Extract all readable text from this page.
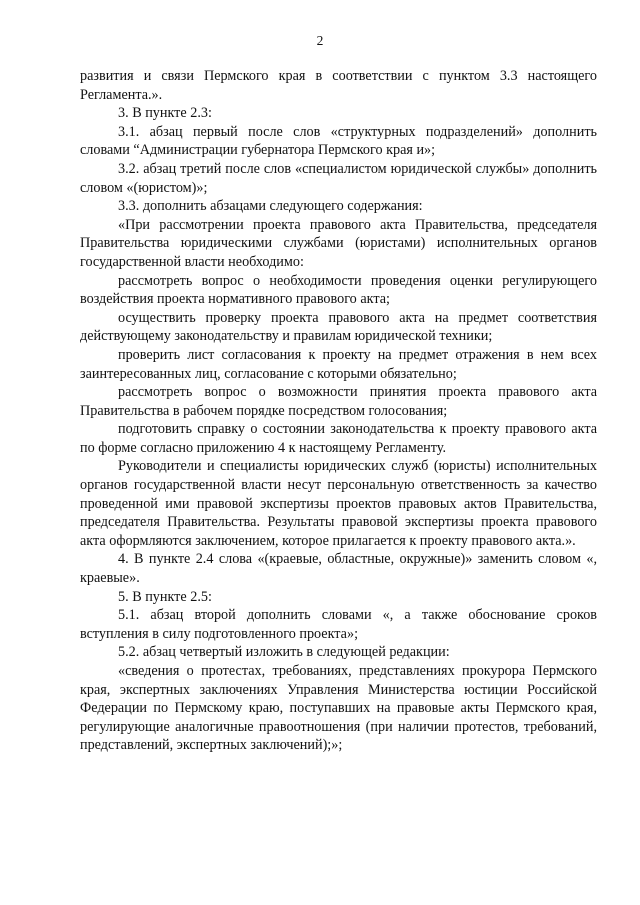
2

развития и связи Пермского края в соответствии с пунктом 3.3 настоящего Регламента.».

3. В пункте 2.3:

3.1. абзац первый после слов «структурных подразделений» дополнить словами “Администрации губернатора Пермского края и»;

3.2. абзац третий после слов «специалистом юридической службы» дополнить словом «(юристом)»;

3.3. дополнить абзацами следующего содержания:

«При рассмотрении проекта правового акта Правительства, председателя Правительства юридическими службами (юристами) исполнительных органов государственной власти необходимо:

рассмотреть вопрос о необходимости проведения оценки регулирующего воздействия проекта нормативного правового акта;

осуществить проверку проекта правового акта на предмет соответствия действующему законодательству и правилам юридической техники;

проверить лист согласования к проекту на предмет отражения в нем всех заинтересованных лиц, согласование с которыми обязательно;

рассмотреть вопрос о возможности принятия проекта правового акта Правительства в рабочем порядке посредством голосования;

подготовить справку о состоянии законодательства к проекту правового акта по форме согласно приложению 4 к настоящему Регламенту.

Руководители и специалисты юридических служб (юристы) исполнительных органов государственной власти несут персональную ответственность за качество проведенной ими правовой экспертизы проектов правовых актов Правительства, председателя Правительства. Результаты правовой экспертизы проекта правового акта оформляются заключением, которое прилагается к проекту правового акта.».

4. В пункте 2.4 слова «(краевые, областные, окружные)» заменить словом «, краевые».

5. В пункте 2.5:

5.1. абзац второй дополнить словами «, а также обоснование сроков вступления в силу подготовленного проекта»;

5.2. абзац четвертый изложить в следующей редакции:

«сведения о протестах, требованиях, представлениях прокурора Пермского края, экспертных заключениях Управления Министерства юстиции Российской Федерации по Пермскому краю, поступавших на правовые акты Пермского края, регулирующие аналогичные правоотношения (при наличии протестов, требований, представлений, экспертных заключений);»;
